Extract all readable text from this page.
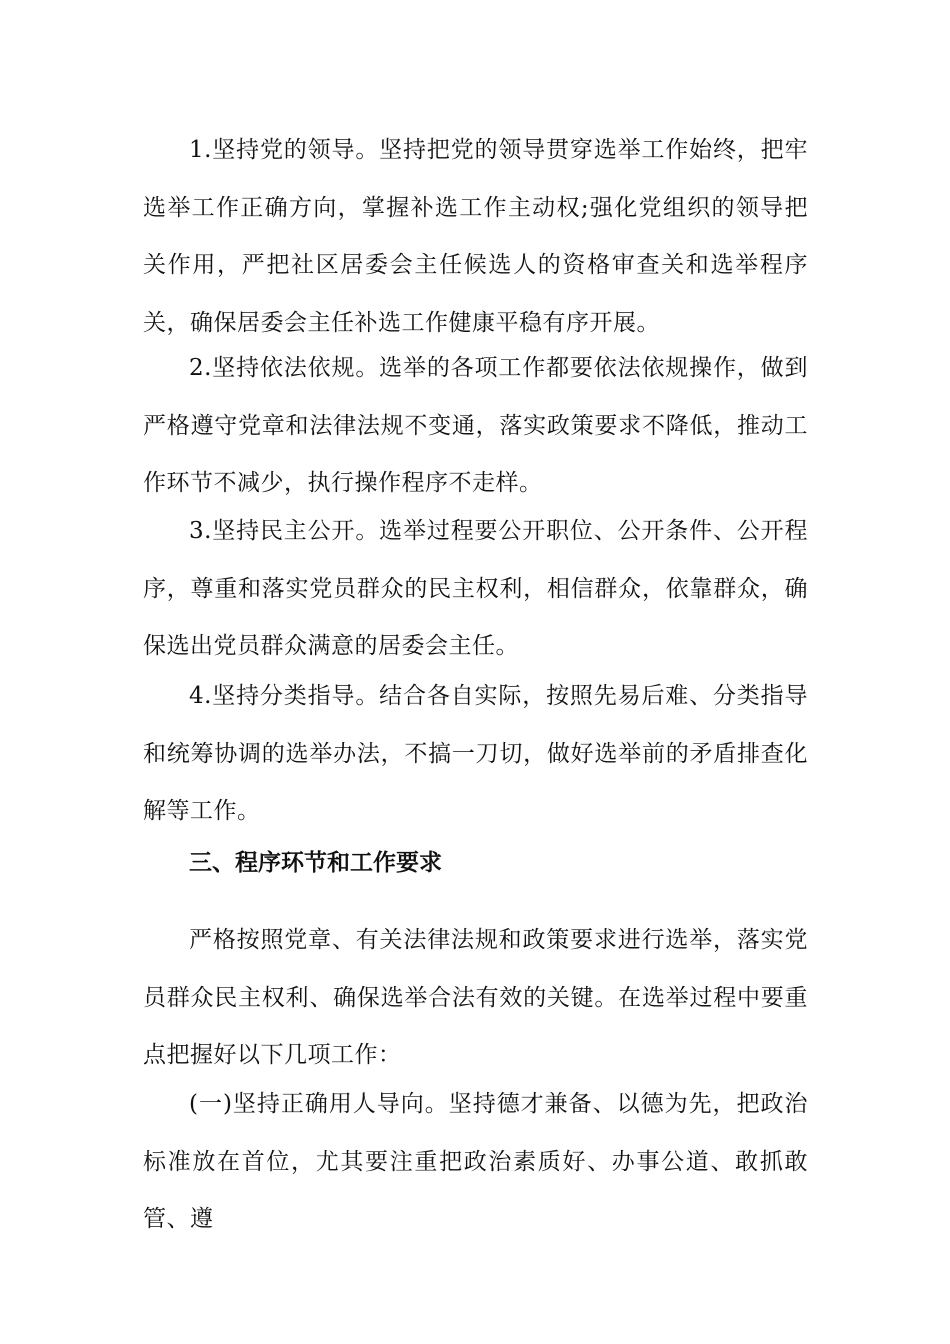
1.坚持党的领导。坚持把党的领导贯穿选举工作始终，把牢选举工作正确方向，掌握补选工作主动权;强化党组织的领导把关作用，严把社区居委会主任候选人的资格审查关和选举程序关，确保居委会主任补选工作健康平稳有序开展。

2.坚持依法依规。选举的各项工作都要依法依规操作，做到严格遵守党章和法律法规不变通，落实政策要求不降低，推动工作环节不减少，执行操作程序不走样。

3.坚持民主公开。选举过程要公开职位、公开条件、公开程序，尊重和落实党员群众的民主权利，相信群众，依靠群众，确保选出党员群众满意的居委会主任。

4.坚持分类指导。结合各自实际，按照先易后难、分类指导和统筹协调的选举办法，不搞一刀切，做好选举前的矛盾排查化解等工作。

三、程序环节和工作要求

严格按照党章、有关法律法规和政策要求进行选举，落实党员群众民主权利、确保选举合法有效的关键。在选举过程中要重点把握好以下几项工作：

(一)坚持正确用人导向。坚持德才兼备、以德为先，把政治标准放在首位，尤其要注重把政治素质好、办事公道、敢抓敢管、遵
